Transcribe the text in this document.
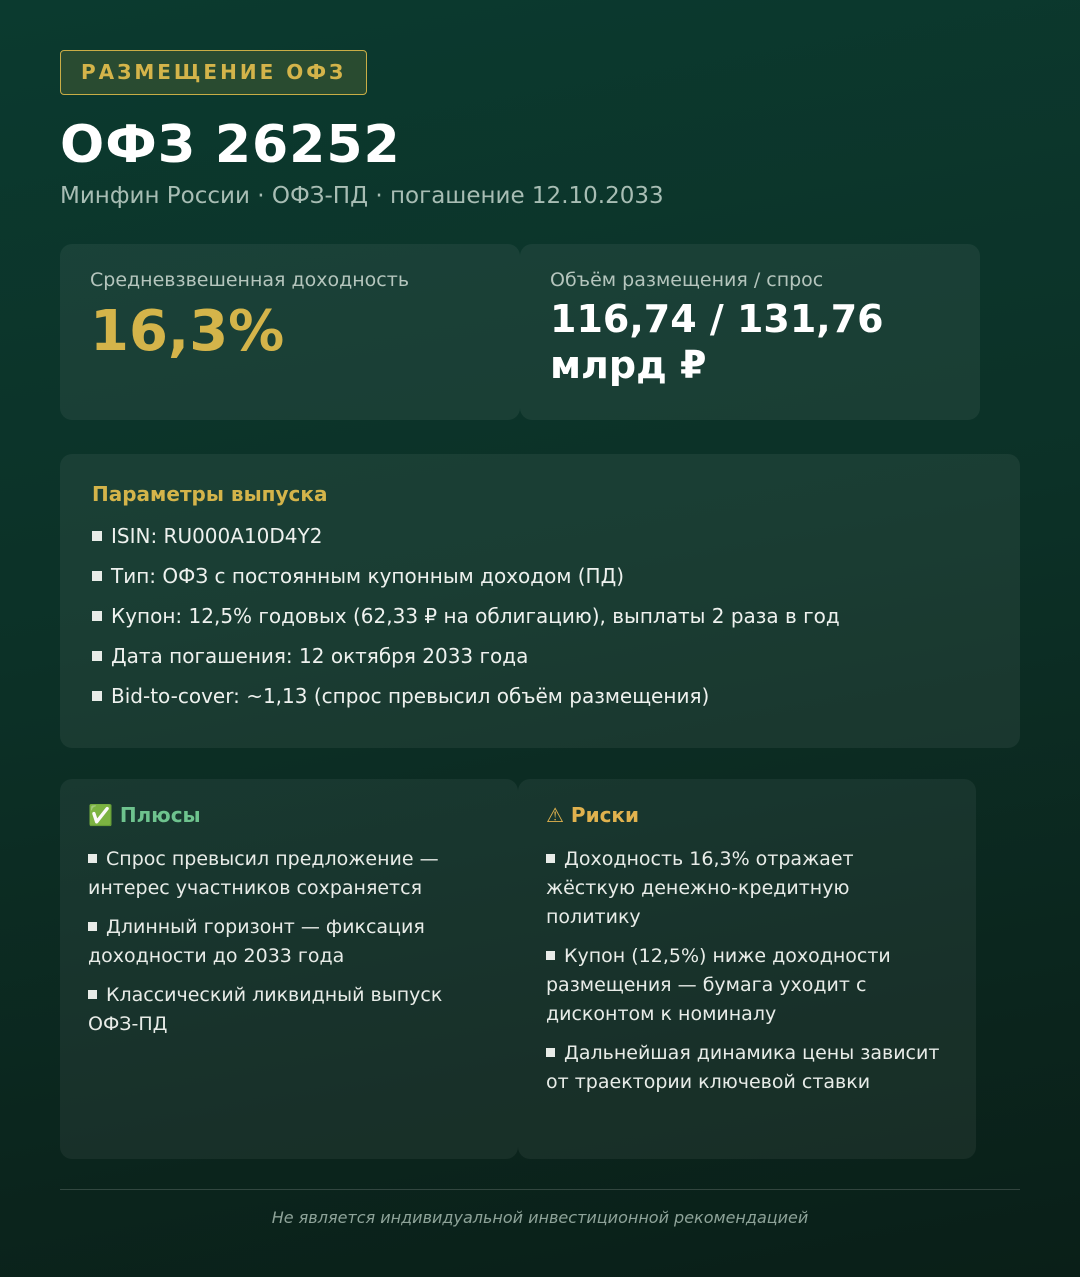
РАЗМЕЩЕНИЕ ОФЗ
ОФЗ 26252
Минфин России · ОФЗ-ПД · погашение 12.10.2033
Средневзвешенная доходность
16,3%
Объём размещения / спрос
116,74 / 131,76
млрд ₽
Параметры выпуска
ISIN: RU000A10D4Y2
Тип: ОФЗ с постоянным купонным доходом (ПД)
Купон: 12,5% годовых (62,33 ₽ на облигацию), выплаты 2 раза в год
Дата погашения: 12 октября 2033 года
Bid-to-cover: ~1,13 (спрос превысил объём размещения)
✅ Плюсы
Спрос превысил предложение — интерес участников сохраняется
Длинный горизонт — фиксация доходности до 2033 года
Классический ликвидный выпуск ОФЗ-ПД
⚠ Риски
Доходность 16,3% отражает жёсткую денежно-кредитную политику
Купон (12,5%) ниже доходности размещения — бумага уходит с дисконтом к номиналу
Дальнейшая динамика цены зависит от траектории ключевой ставки
Не является индивидуальной инвестиционной рекомендацией
